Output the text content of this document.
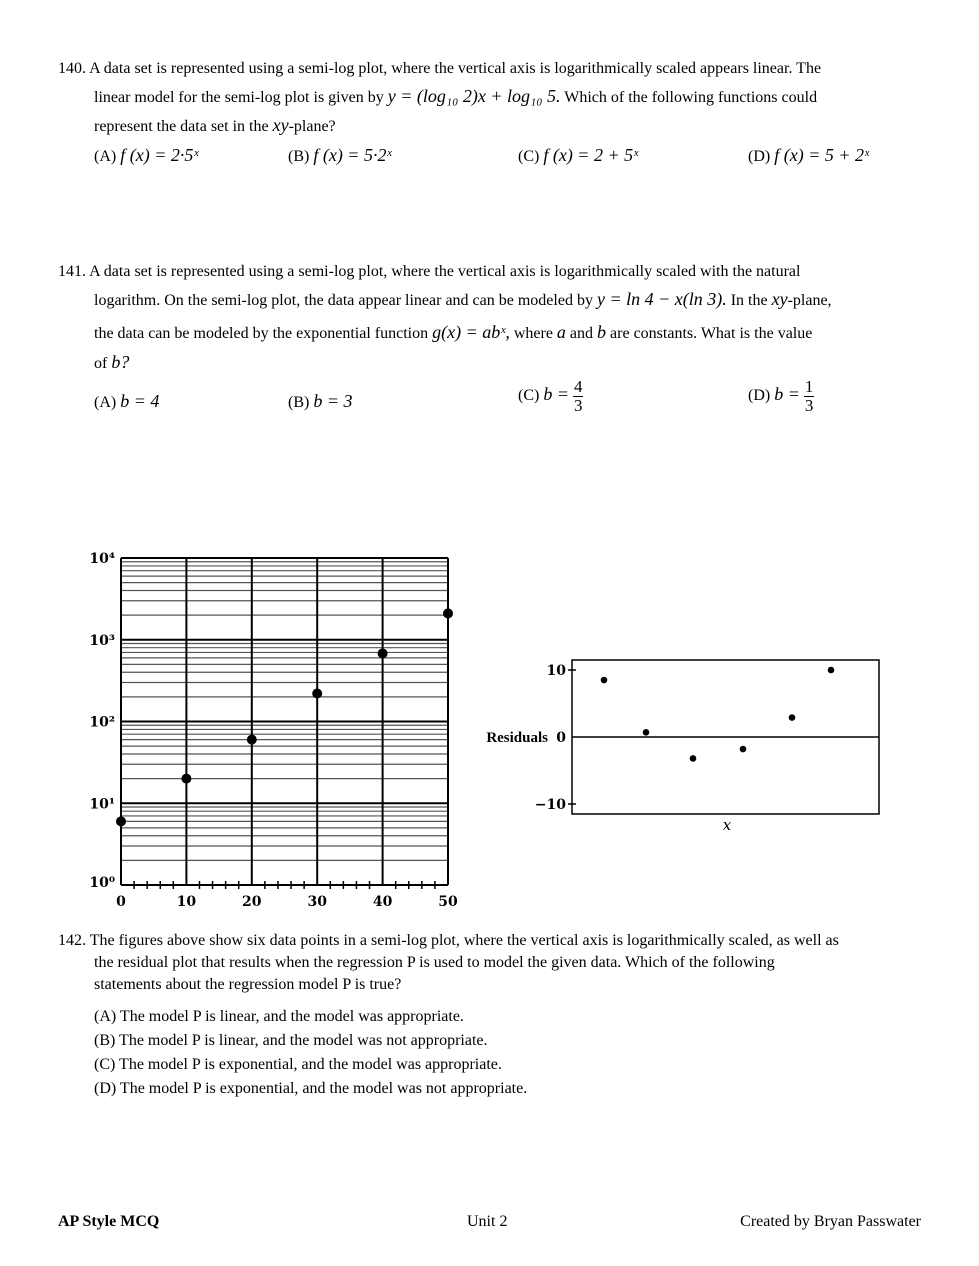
140. A data set is represented using a semi-log plot, where the vertical axis is logarithmically scaled appears linear. The
linear model for the semi-log plot is given by y = (log₁₀ 2)x + log₁₀ 5. Which of the following functions could
represent the data set in the xy-plane?
(A) f (x) = 2·5ˣ	(B) f (x) = 5·2ˣ	(C) f (x) = 2 + 5ˣ	(D) f (x) = 5 + 2ˣ
141. A data set is represented using a semi-log plot, where the vertical axis is logarithmically scaled with the natural
logarithm. On the semi-log plot, the data appear linear and can be modeled by y = ln 4 − x(ln 3). In the xy-plane,
the data can be modeled by the exponential function g(x) = abˣ, where a and b are constants. What is the value
of b?
(A) b = 4	(B) b = 3	(C) $b = \frac{4}{3}$	(D) $b = \frac{1}{3}$
10⁰
10¹
10²
10³
10⁴
0	10	20	30	40	50
10
0
−10
Residuals
x
142. The figures above show six data points in a semi-log plot, where the vertical axis is logarithmically scaled, as well as
the residual plot that results when the regression P is used to model the given data. Which of the following
statements about the regression model P is true?
(A) The model P is linear, and the model was appropriate.
(B) The model P is linear, and the model was not appropriate.
(C) The model P is exponential, and the model was appropriate.
(D) The model P is exponential, and the model was not appropriate.
AP Style MCQ	Unit 2	Created by Bryan Passwater
